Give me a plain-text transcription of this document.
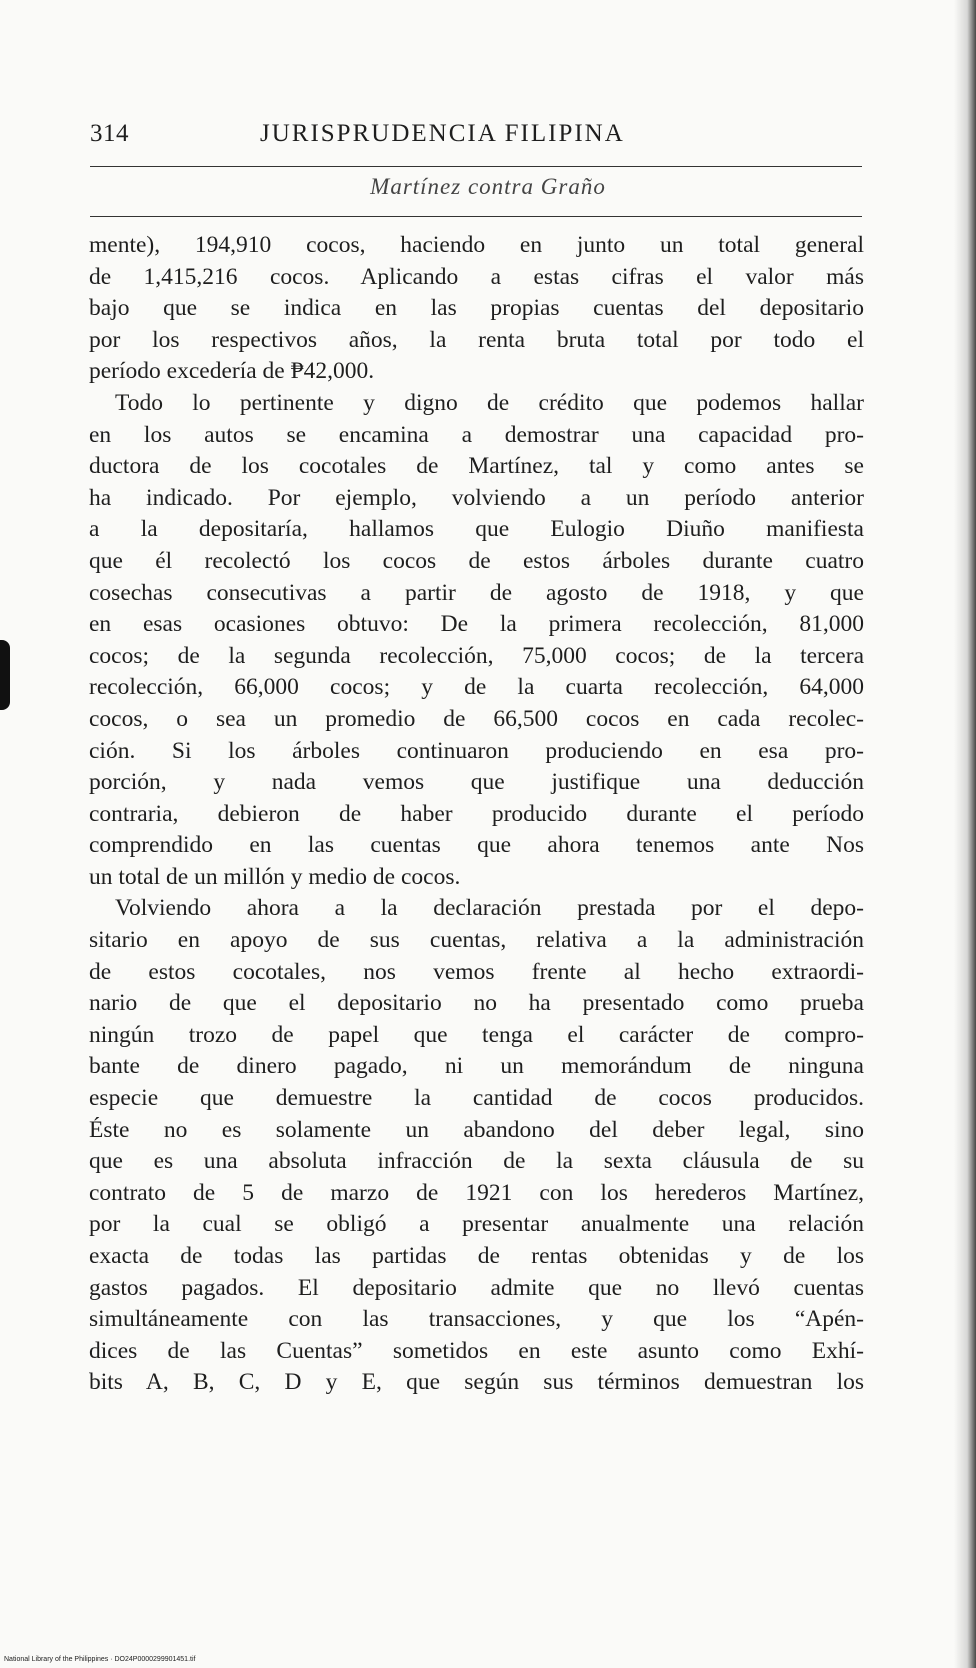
314	JURISPRUDENCIA FILIPINA
Martínez contra Graño
mente), 194,910 cocos, haciendo en junto un total general
de 1,415,216 cocos. Aplicando a estas cifras el valor más
bajo que se indica en las propias cuentas del depositario
por los respectivos años, la renta bruta total por todo el
período excedería de ₱42,000.
Todo lo pertinente y digno de crédito que podemos hallar
en los autos se encamina a demostrar una capacidad pro-
ductora de los cocotales de Martínez, tal y como antes se
ha indicado. Por ejemplo, volviendo a un período anterior
a la depositaría, hallamos que Eulogio Diuño manifiesta
que él recolectó los cocos de estos árboles durante cuatro
cosechas consecutivas a partir de agosto de 1918, y que
en esas ocasiones obtuvo: De la primera recolección, 81,000
cocos; de la segunda recolección, 75,000 cocos; de la tercera
recolección, 66,000 cocos; y de la cuarta recolección, 64,000
cocos, o sea un promedio de 66,500 cocos en cada recolec-
ción. Si los árboles continuaron produciendo en esa pro-
porción, y nada vemos que justifique una deducción
contraria, debieron de haber producido durante el período
comprendido en las cuentas que ahora tenemos ante Nos
un total de un millón y medio de cocos.
Volviendo ahora a la declaración prestada por el depo-
sitario en apoyo de sus cuentas, relativa a la administración
de estos cocotales, nos vemos frente al hecho extraordi-
nario de que el depositario no ha presentado como prueba
ningún trozo de papel que tenga el carácter de compro-
bante de dinero pagado, ni un memorándum de ninguna
especie que demuestre la cantidad de cocos producidos.
Éste no es solamente un abandono del deber legal, sino
que es una absoluta infracción de la sexta cláusula de su
contrato de 5 de marzo de 1921 con los herederos Martínez,
por la cual se obligó a presentar anualmente una relación
exacta de todas las partidas de rentas obtenidas y de los
gastos pagados. El depositario admite que no llevó cuentas
simultáneamente con las transacciones, y que los “Apén-
dices de las Cuentas” sometidos en este asunto como Exhí-
bits A, B, C, D y E, que según sus términos demuestran los
National Library of the Philippines · DO24P0000299901451.tif
